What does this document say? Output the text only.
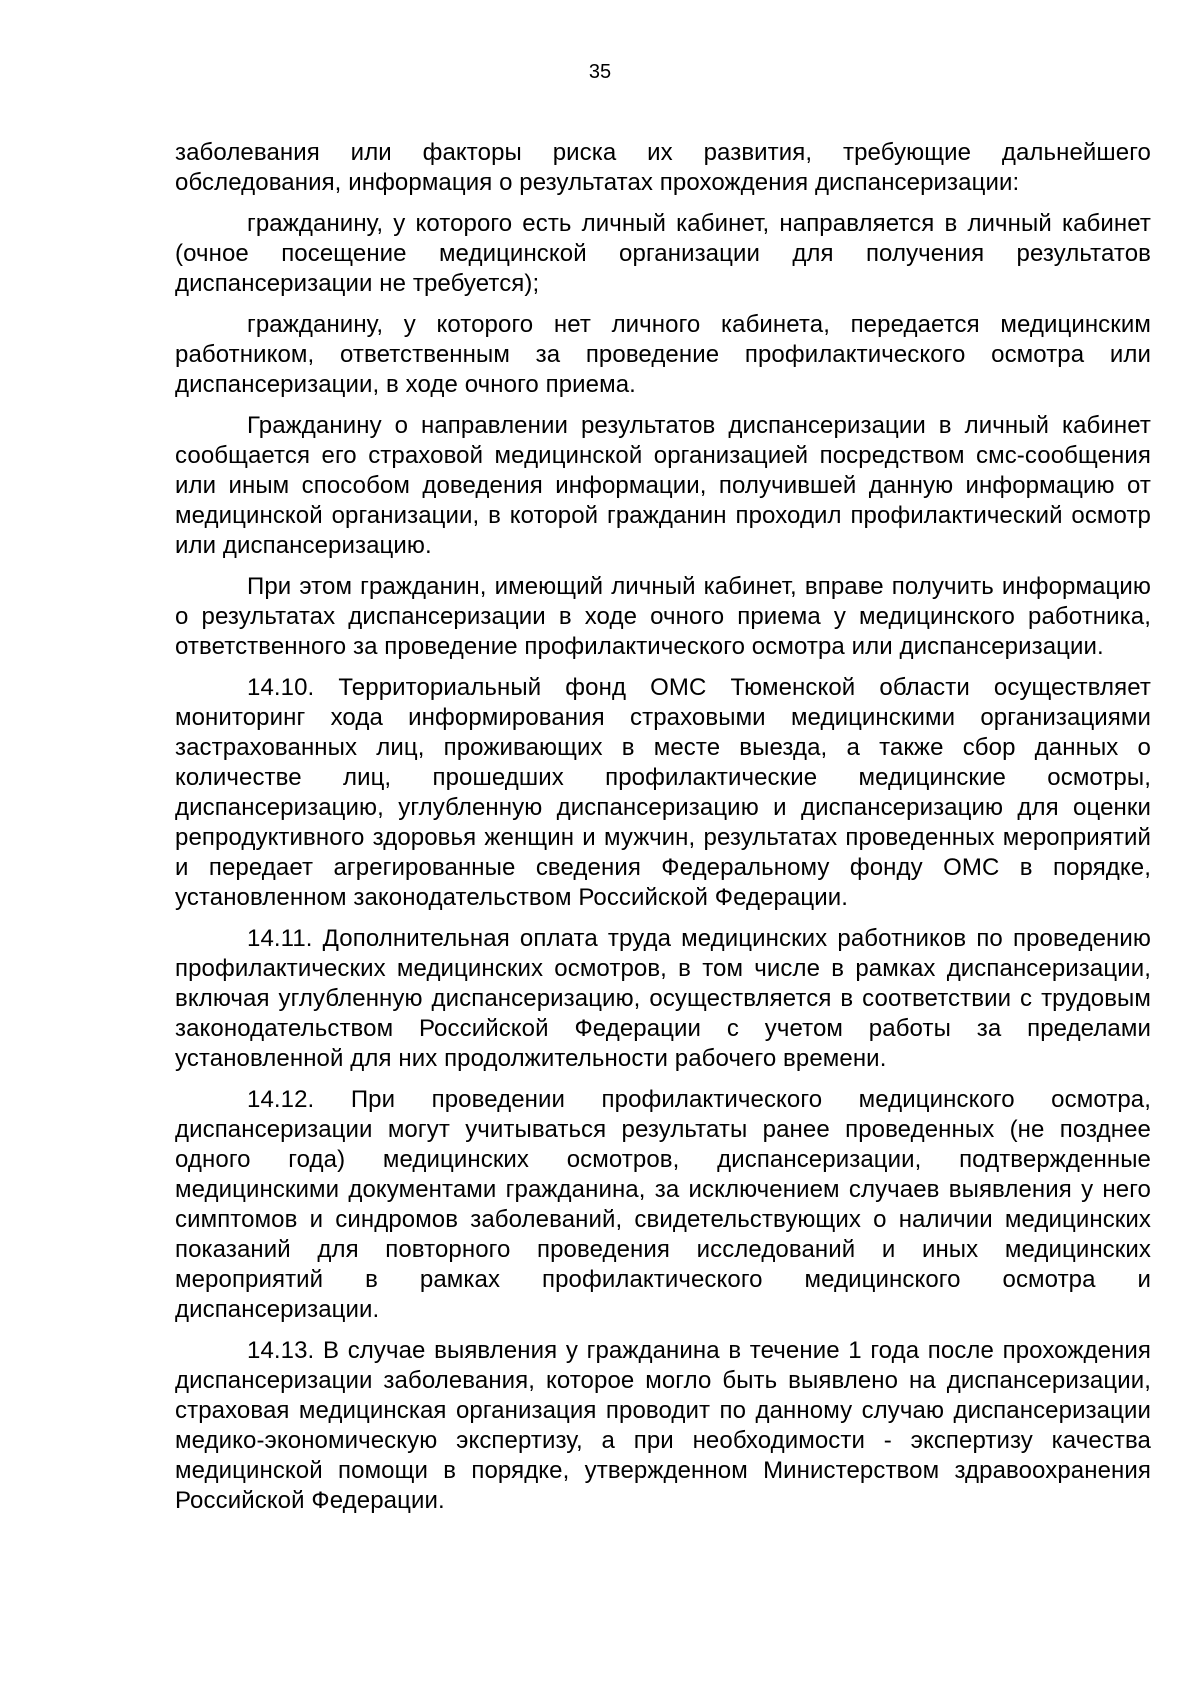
35

заболевания или факторы риска их развития, требующие дальнейшего обследования, информация о результатах прохождения диспансеризации:

гражданину, у которого есть личный кабинет, направляется в личный кабинет (очное посещение медицинской организации для получения результатов диспансеризации не требуется);

гражданину, у которого нет личного кабинета, передается медицинским работником, ответственным за проведение профилактического осмотра или диспансеризации, в ходе очного приема.

Гражданину о направлении результатов диспансеризации в личный кабинет сообщается его страховой медицинской организацией посредством смс-сообщения или иным способом доведения информации, получившей данную информацию от медицинской организации, в которой гражданин проходил профилактический осмотр или диспансеризацию.

При этом гражданин, имеющий личный кабинет, вправе получить информацию о результатах диспансеризации в ходе очного приема у медицинского работника, ответственного за проведение профилактического осмотра или диспансеризации.

14.10. Территориальный фонд ОМС Тюменской области осуществляет мониторинг хода информирования страховыми медицинскими организациями застрахованных лиц, проживающих в месте выезда, а также сбор данных о количестве лиц, прошедших профилактические медицинские осмотры, диспансеризацию, углубленную диспансеризацию и диспансеризацию для оценки репродуктивного здоровья женщин и мужчин, результатах проведенных мероприятий и передает агрегированные сведения Федеральному фонду ОМС в порядке, установленном законодательством Российской Федерации.

14.11. Дополнительная оплата труда медицинских работников по проведению профилактических медицинских осмотров, в том числе в рамках диспансеризации, включая углубленную диспансеризацию, осуществляется в соответствии с трудовым законодательством Российской Федерации с учетом работы за пределами установленной для них продолжительности рабочего времени.

14.12. При проведении профилактического медицинского осмотра, диспансеризации могут учитываться результаты ранее проведенных (не позднее одного года) медицинских осмотров, диспансеризации, подтвержденные медицинскими документами гражданина, за исключением случаев выявления у него симптомов и синдромов заболеваний, свидетельствующих о наличии медицинских показаний для повторного проведения исследований и иных медицинских мероприятий в рамках профилактического медицинского осмотра и диспансеризации.

14.13. В случае выявления у гражданина в течение 1 года после прохождения диспансеризации заболевания, которое могло быть выявлено на диспансеризации, страховая медицинская организация проводит по данному случаю диспансеризации медико-экономическую экспертизу, а при необходимости - экспертизу качества медицинской помощи в порядке, утвержденном Министерством здравоохранения Российской Федерации.
